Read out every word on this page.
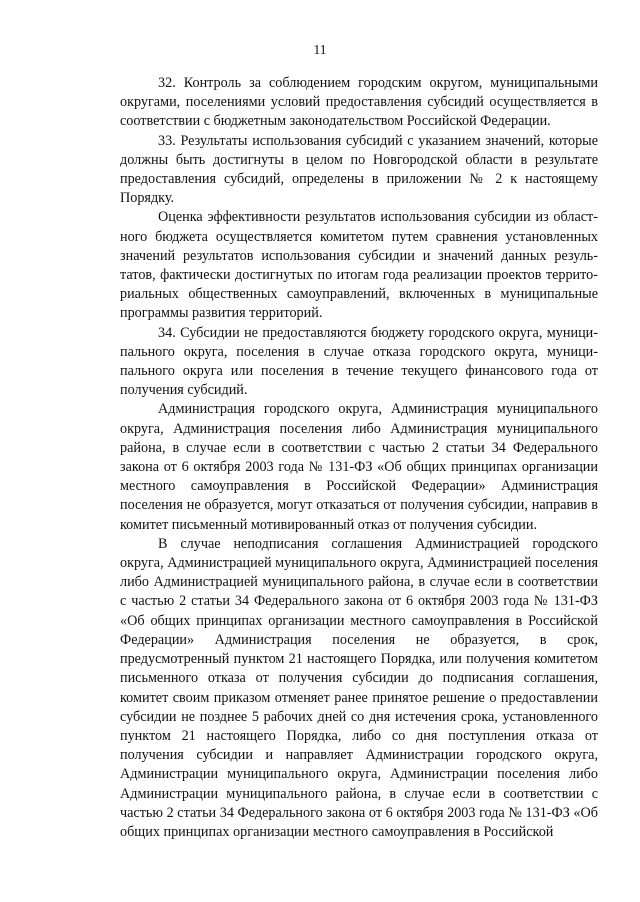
11

32. Контроль за соблюдением городским округом, муниципальными округами, поселениями условий предоставления субсидий осуществляется в соответствии с бюджетным законодательством Российской Федерации.

33. Результаты использования субсидий с указанием значений, которые должны быть достигнуты в целом по Новгородской области в результате предоставления субсидий, определены в приложении № 2 к настоящему Порядку.

Оценка эффективности результатов использования субсидии из областного бюджета осуществляется комитетом путем сравнения установленных значений результатов использования субсидии и значений данных результатов, фактически достигнутых по итогам года реализации проектов территориальных общественных самоуправлений, включенных в муниципальные программы развития территорий.

34. Субсидии не предоставляются бюджету городского округа, муниципального округа, поселения в случае отказа городского округа, муниципального округа или поселения в течение текущего финансового года от получения субсидий.

Администрация городского округа, Администрация муниципального округа, Администрация поселения либо Администрация муниципального района, в случае если в соответствии с частью 2 статьи 34 Федерального закона от 6 октября 2003 года № 131-ФЗ «Об общих принципах организации местного самоуправления в Российской Федерации» Администрация поселения не образуется, могут отказаться от получения субсидии, направив в комитет письменный мотивированный отказ от получения субсидии.

В случае неподписания соглашения Администрацией городского округа, Администрацией муниципального округа, Администрацией поселения либо Администрацией муниципального района, в случае если в соответствии с частью 2 статьи 34 Федерального закона от 6 октября 2003 года № 131-ФЗ «Об общих принципах организации местного самоуправления в Российской Федерации» Администрация поселения не образуется, в срок, предусмотренный пунктом 21 настоящего Порядка, или получения комитетом письменного отказа от получения субсидии до подписания соглашения, комитет своим приказом отменяет ранее принятое решение о предоставлении субсидии не позднее 5 рабочих дней со дня истечения срока, установленного пунктом 21 настоящего Порядка, либо со дня поступления отказа от получения субсидии и направляет Администрации городского округа, Администрации муниципального округа, Администрации поселения либо Администрации муниципального района, в случае если в соответствии с частью 2 статьи 34 Федерального закона от 6 октября 2003 года № 131-ФЗ «Об общих принципах организации местного самоуправления в Российской
